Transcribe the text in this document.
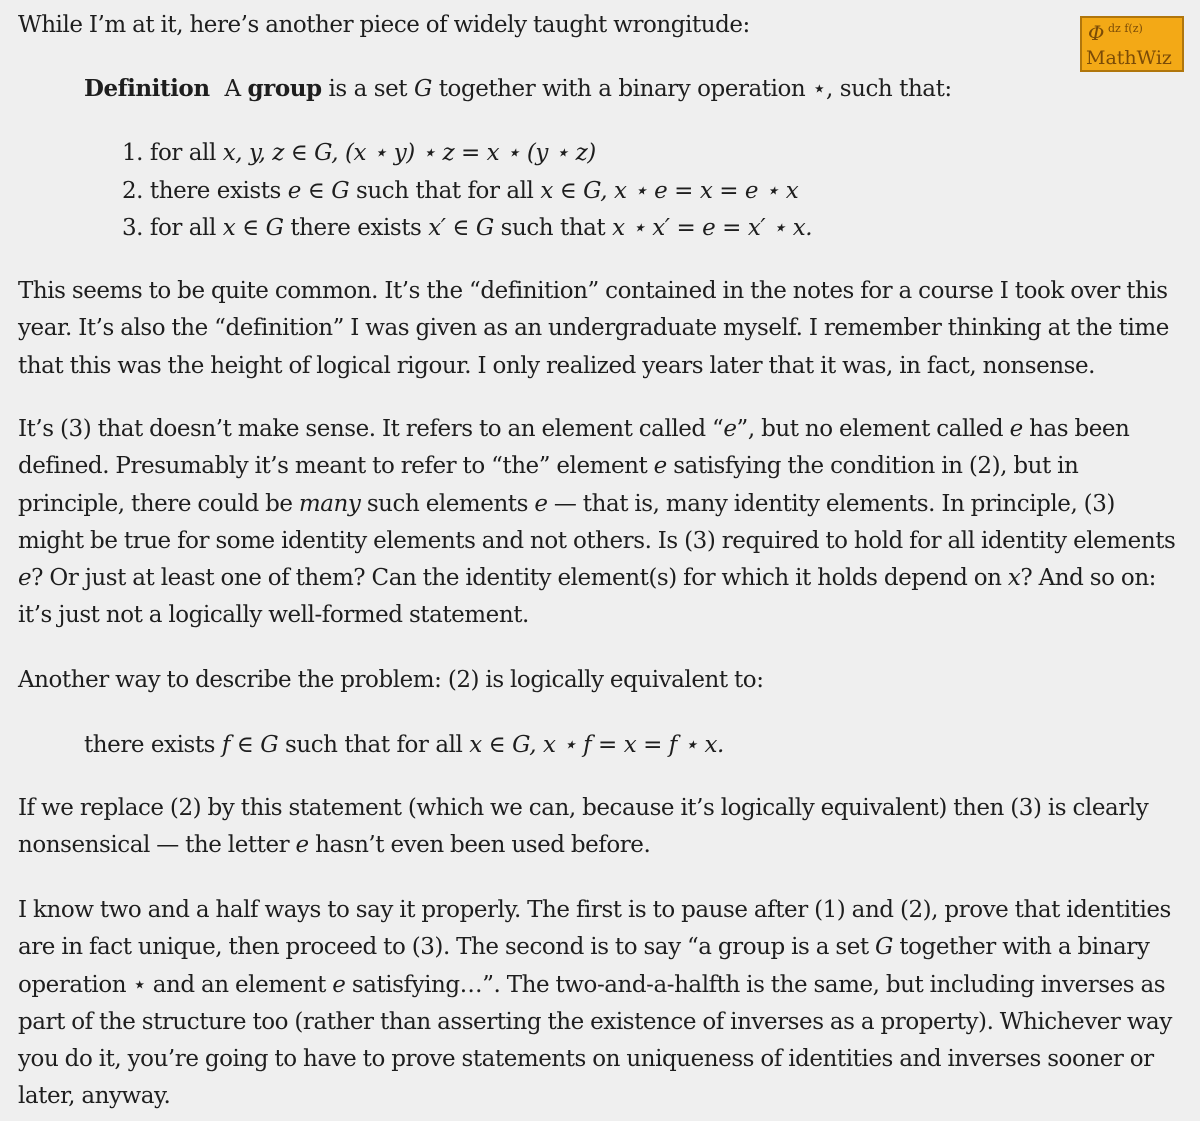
While I’m at it, here’s another piece of widely taught wrongitude:	Φ dz f(z)
MathWiz
Definition A group is a set G together with a binary operation ⋆, such that:
1. for all x, y, z ∈ G, (x ⋆ y) ⋆ z = x ⋆ (y ⋆ z)
2. there exists e ∈ G such that for all x ∈ G, x ⋆ e = x = e ⋆ x
3. for all x ∈ G there exists x′ ∈ G such that x ⋆ x′ = e = x′ ⋆ x.

This seems to be quite common. It’s the “definition” contained in the notes for a course I took over this year. It’s also the “definition” I was given as an undergraduate myself. I remember thinking at the time that this was the height of logical rigour. I only realized years later that it was, in fact, nonsense.

It’s (3) that doesn’t make sense. It refers to an element called “e”, but no element called e has been defined. Presumably it’s meant to refer to “the” element e satisfying the condition in (2), but in principle, there could be many such elements e — that is, many identity elements. In principle, (3) might be true for some identity elements and not others. Is (3) required to hold for all identity elements e? Or just at least one of them? Can the identity element(s) for which it holds depend on x? And so on: it’s just not a logically well-formed statement.

Another way to describe the problem: (2) is logically equivalent to:

there exists f ∈ G such that for all x ∈ G, x ⋆ f = x = f ⋆ x.

If we replace (2) by this statement (which we can, because it’s logically equivalent) then (3) is clearly nonsensical — the letter e hasn’t even been used before.

I know two and a half ways to say it properly. The first is to pause after (1) and (2), prove that identities are in fact unique, then proceed to (3). The second is to say “a group is a set G together with a binary operation ⋆ and an element e satisfying…”. The two-and-a-halfth is the same, but including inverses as part of the structure too (rather than asserting the existence of inverses as a property). Whichever way you do it, you’re going to have to prove statements on uniqueness of identities and inverses sooner or later, anyway.
